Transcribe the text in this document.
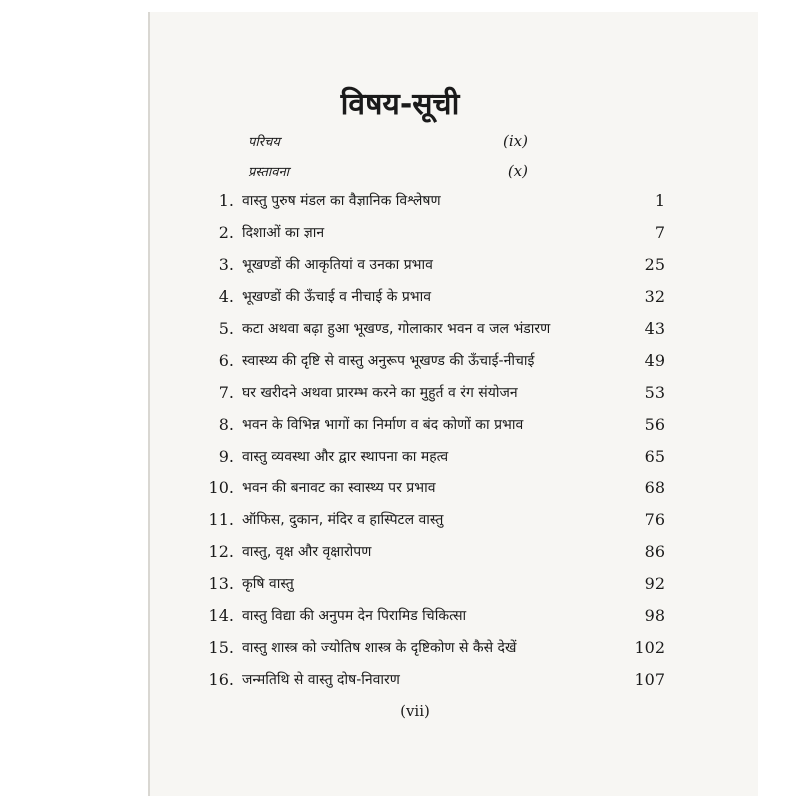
विषय-सूची
परिचय	(ix)
प्रस्तावना	(x)
1. वास्तु पुरुष मंडल का वैज्ञानिक विश्लेषण	1
2. दिशाओं का ज्ञान	7
3. भूखण्डों की आकृतियां व उनका प्रभाव	25
4. भूखण्डों की ऊँचाई व नीचाई के प्रभाव	32
5. कटा अथवा बढ़ा हुआ भूखण्ड, गोलाकार भवन व जल भंडारण	43
6. स्वास्थ्य की दृष्टि से वास्तु अनुरूप भूखण्ड की ऊँचाई-नीचाई	49
7. घर खरीदने अथवा प्रारम्भ करने का मुहुर्त व रंग संयोजन	53
8. भवन के विभिन्न भागों का निर्माण व बंद कोणों का प्रभाव	56
9. वास्तु व्यवस्था और द्वार स्थापना का महत्व	65
10. भवन की बनावट का स्वास्थ्य पर प्रभाव	68
11. ऑफिस, दुकान, मंदिर व हास्पिटल वास्तु	76
12. वास्तु, वृक्ष और वृक्षारोपण	86
13. कृषि वास्तु	92
14. वास्तु विद्या की अनुपम देन पिरामिड चिकित्सा	98
15. वास्तु शास्त्र को ज्योतिष शास्त्र के दृष्टिकोण से कैसे देखें	102
16. जन्मतिथि से वास्तु दोष-निवारण	107
(vii)
